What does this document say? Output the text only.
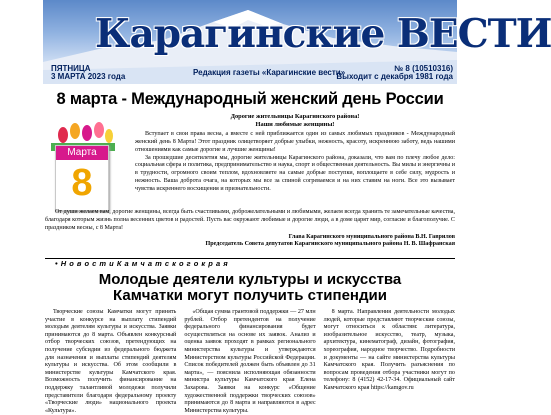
Карагинские ВЕСТИ
ПЯТНИЦА
3 МАРТА 2023 года	Редакция газеты «Карагинские вести»	№ 8 (10510316)
Выходит с декабря 1981 года
8 марта - Международный женский день России
Марта
8
Дорогие жительницы Карагинского района!
Наши любимые женщины!

Вступает в свои права весна, а вместе с ней приближается один из самых любимых праздников - Международный женский день 8 Марта! Этот праздник олицетворяет добрые улыбки, нежность, красоту, искреннюю заботу, ведь нашими отношениями как самые дорогие и лучшие женщины!

За прошедшие десятилетия мы, дорогие жительницы Карагинского района, доказали, что вам по плечу любое дело: социальная сфера и политика, предпринимательство и наука, спорт и общественная деятельность. Вы милы и энергичны и в трудности, огромного своим теплом, вдохновляете на самые добрые поступки, воплощаете в себе силу, мудрость и нежность. Ваша доброта очага, на которых мы все за спиной согреваемся и на них ставим на ноги. Все это вызывает чувства искреннего восхищения и признательности.

От души желаем вам, дорогие женщины, всегда быть счастливыми, доброжелательными и любимыми, желаем всегда хранить те замечательные качества, благодаря которым жизнь полна весенних цветов и радостей. Пусть вас окружают любимые и дорогие люди, а в доме царят мир, согласие и благополучие. С праздником весны, с 8 Марта!

Глава Карагинского муниципального района В.Н. Гаврилов
Председатель Совета депутатов Карагинского муниципального района Н. В. Шафранская
• Н о в о с т и К а м ч а т с к о г о к р а я
Молодые деятели культуры и искусства
Камчатки могут получить стипендии

Творческие союзы Камчатки могут принять участие в конкурсе на выплату стипендий молодым деятелям культуры и искусства. Заявки принимаются до 8 марта. Объявлен конкурсный отбор творческих союзов, претендующих на получение субсидии из федерального бюджета для назначения и выплаты стипендий деятелям культуры и искусства. Об этом сообщили в министерстве культуры Камчатского края. Возможность получить финансирование на поддержку талантливой молодежи получили представители благодаря федеральному проекту «Творческие люди» национального проекта «Культура».

«Общая сумма грантовой поддержки — 27 млн рублей. Отбор претендентов на получение федерального финансирования будет осуществляться на основе их заявок. Анализ и оценка заявок проходят в рамках регионального министерства культуры и утверждаются Министерством культуры Российской Федерации. Список победителей должен быть объявлен до 31 марта», — пояснила исполняющая обязанности министра культуры Камчатского края Елена Захарова. Заявки на конкурс «Общение художественной поддержки творческих союзов» принимаются до 8 марта и направляются в адрес Министерства культуры.

8 марта. Направления деятельности молодых людей, которые представляют творческие союзы, могут относиться к областям: литература, изобразительное искусство, театр, музыка, архитектура, кинематограф, дизайн, фотография, хореография, народное творчество. Подробности и документы — на сайте министерства культуры Камчатского края. Получить разъяснения по вопросам проведения отбора участники могут по телефону: 8 (4152) 42-17-34. Официальный сайт Камчатского края https://kamgov.ru
